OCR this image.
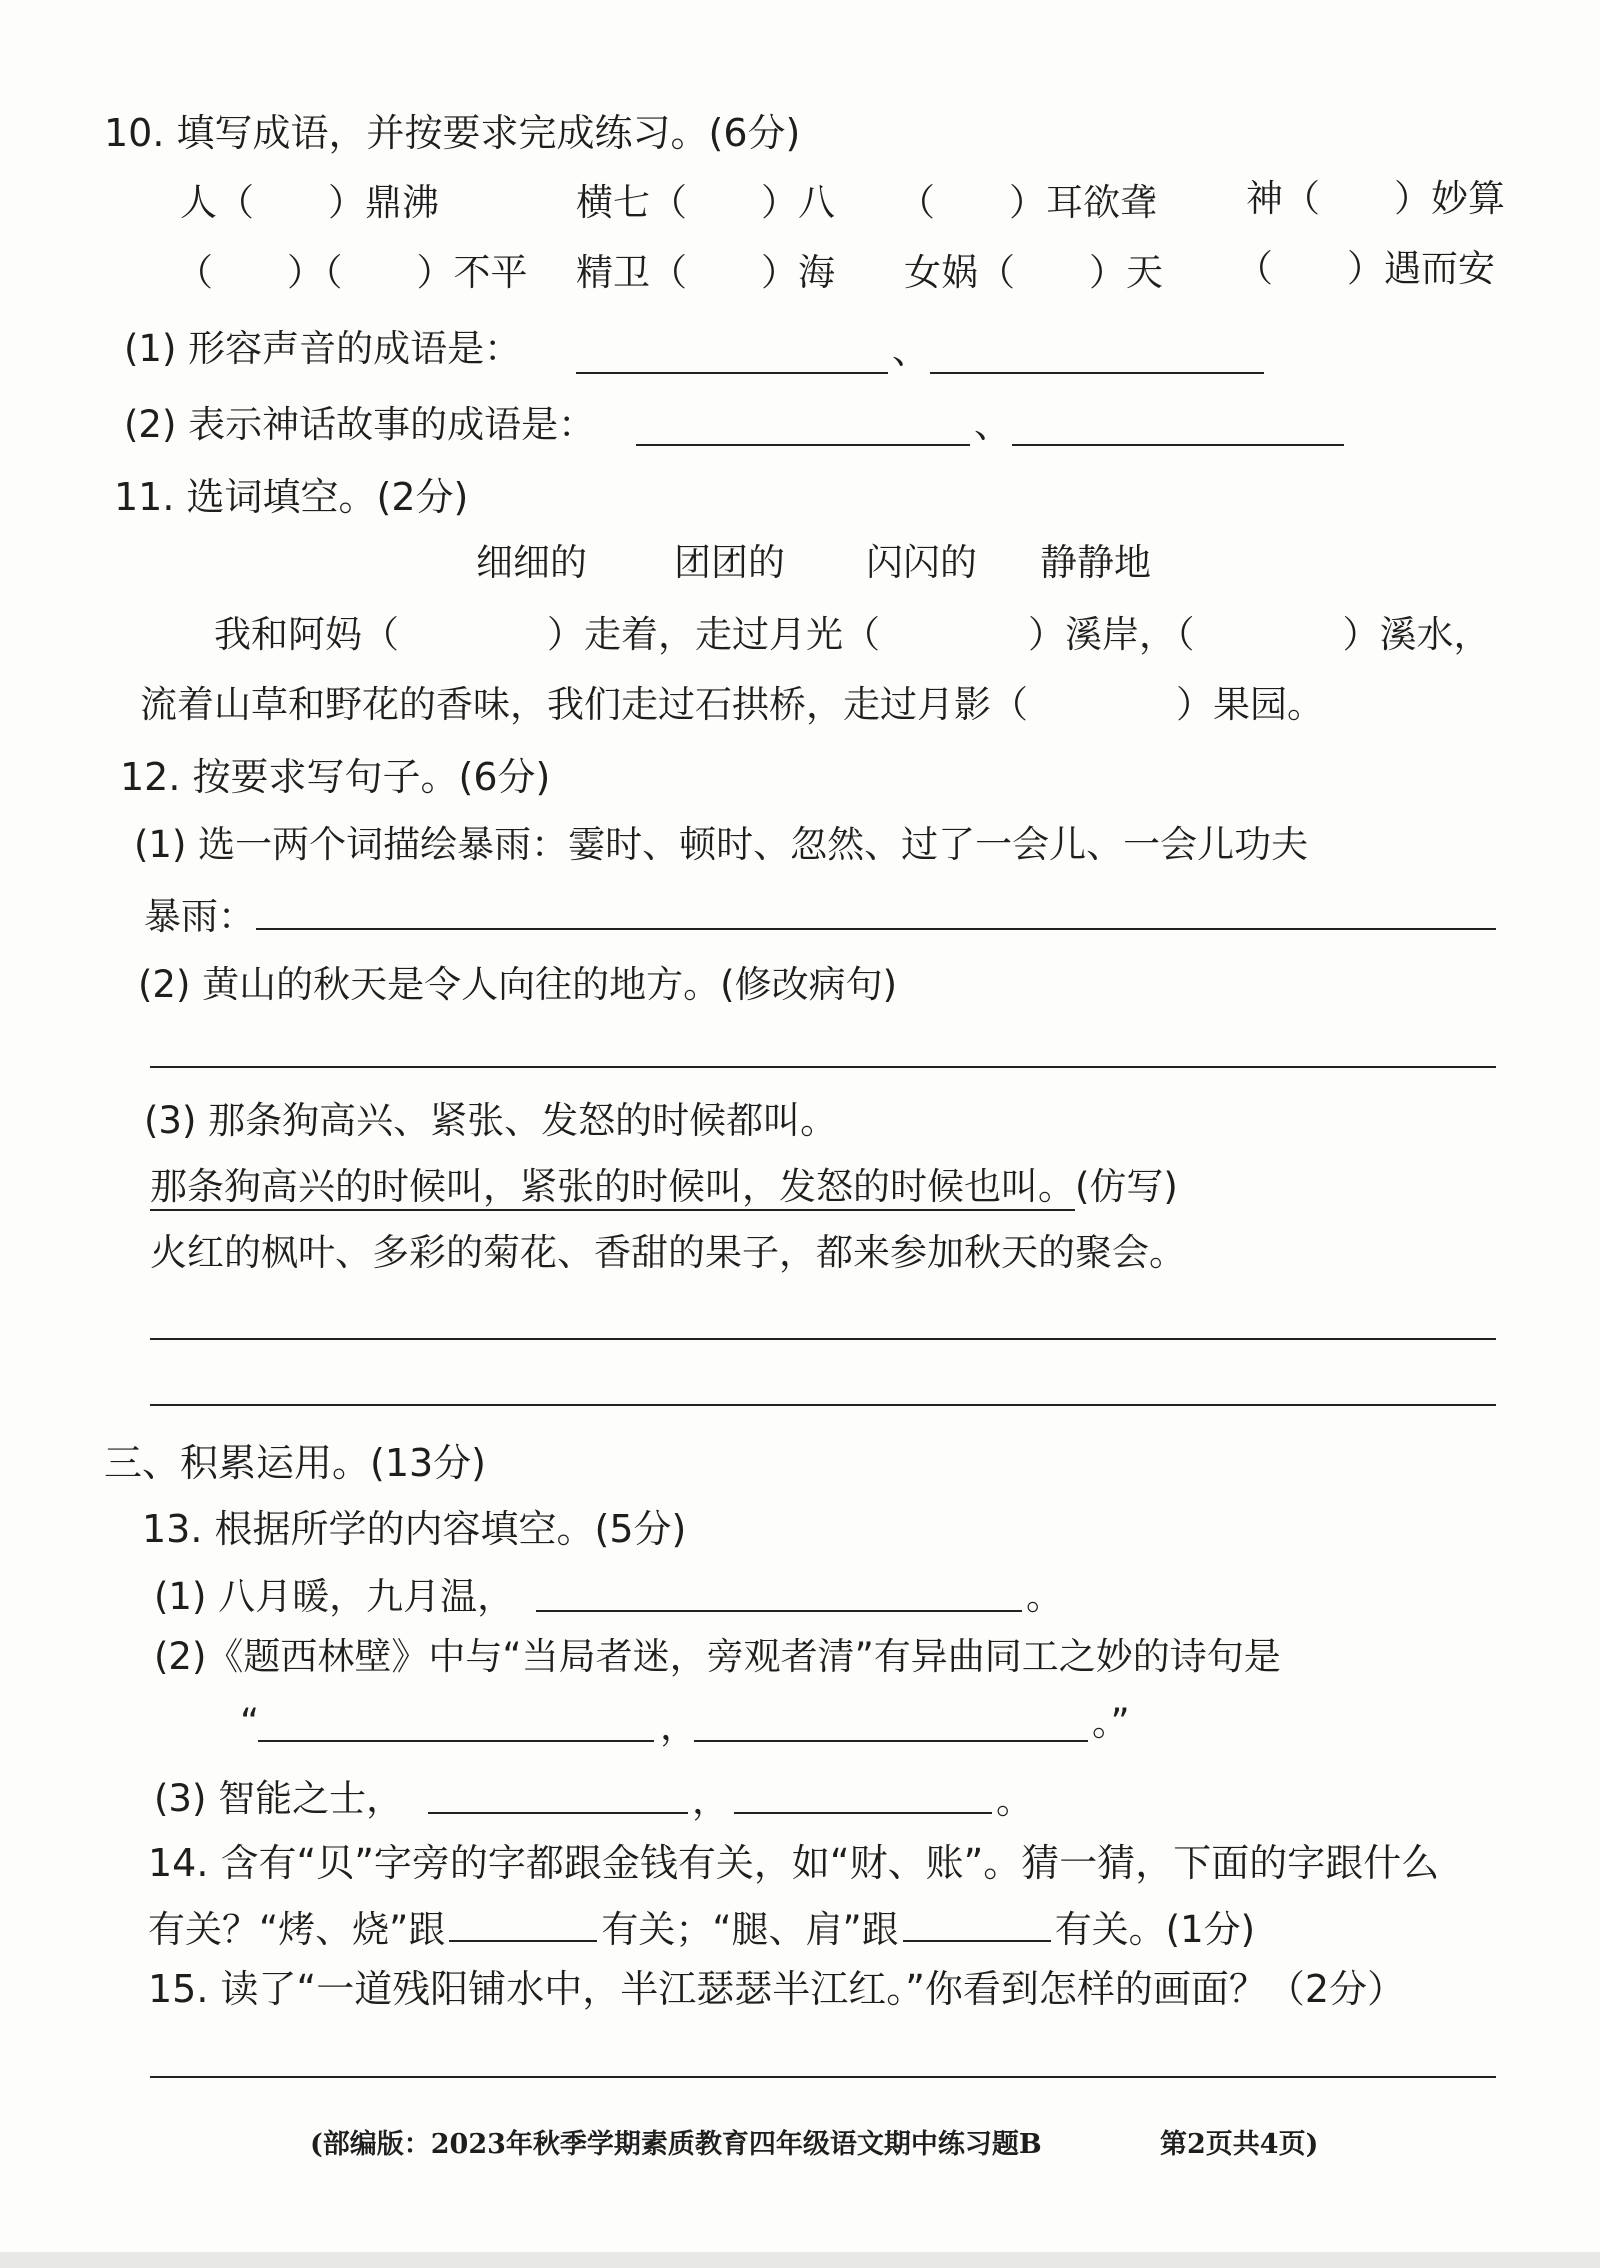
10. 填写成语，并按要求完成练习。(6分)
人（　　）鼎沸	横七（　　）八 （　　）耳欲聋 神（　　）妙算
（　　）（　　）不平 精卫（　　）海 女娲（　　）天 （　　）遇而安
(1) 形容声音的成语是：	、
(2) 表示神话故事的成语是：	、
11. 选词填空。(2分)
细细的 团团的 闪闪的 静静地
我和阿妈（　　　　）走着，走过月光（　　　　）溪岸，（　　　　）溪水，
流着山草和野花的香味，我们走过石拱桥，走过月影（　　　　）果园。
12. 按要求写句子。(6分)
(1) 选一两个词描绘暴雨：霎时、顿时、忽然、过了一会儿、一会儿功夫
暴雨：
(2) 黄山的秋天是令人向往的地方。(修改病句)
(3) 那条狗高兴、紧张、发怒的时候都叫。
那条狗高兴的时候叫，紧张的时候叫，发怒的时候也叫。(仿写)
火红的枫叶、多彩的菊花、香甜的果子，都来参加秋天的聚会。
三、积累运用。(13分)
13. 根据所学的内容填空。(5分)
(1) 八月暖，九月温，	。
(2)《题西林壁》中与“当局者迷，旁观者清”有异曲同工之妙的诗句是
“	，	。”
(3) 智能之士，	，	。
14. 含有“贝”字旁的字都跟金钱有关，如“财、账”。猜一猜，下面的字跟什么
有关？“烤、烧”跟	有关；“腿、肩”跟	有关。(1分)
15. 读了“一道残阳铺水中，半江瑟瑟半江红。”你看到怎样的画面？（2分）
(部编版：2023年秋季学期素质教育四年级语文期中练习题B	第2页共4页)
